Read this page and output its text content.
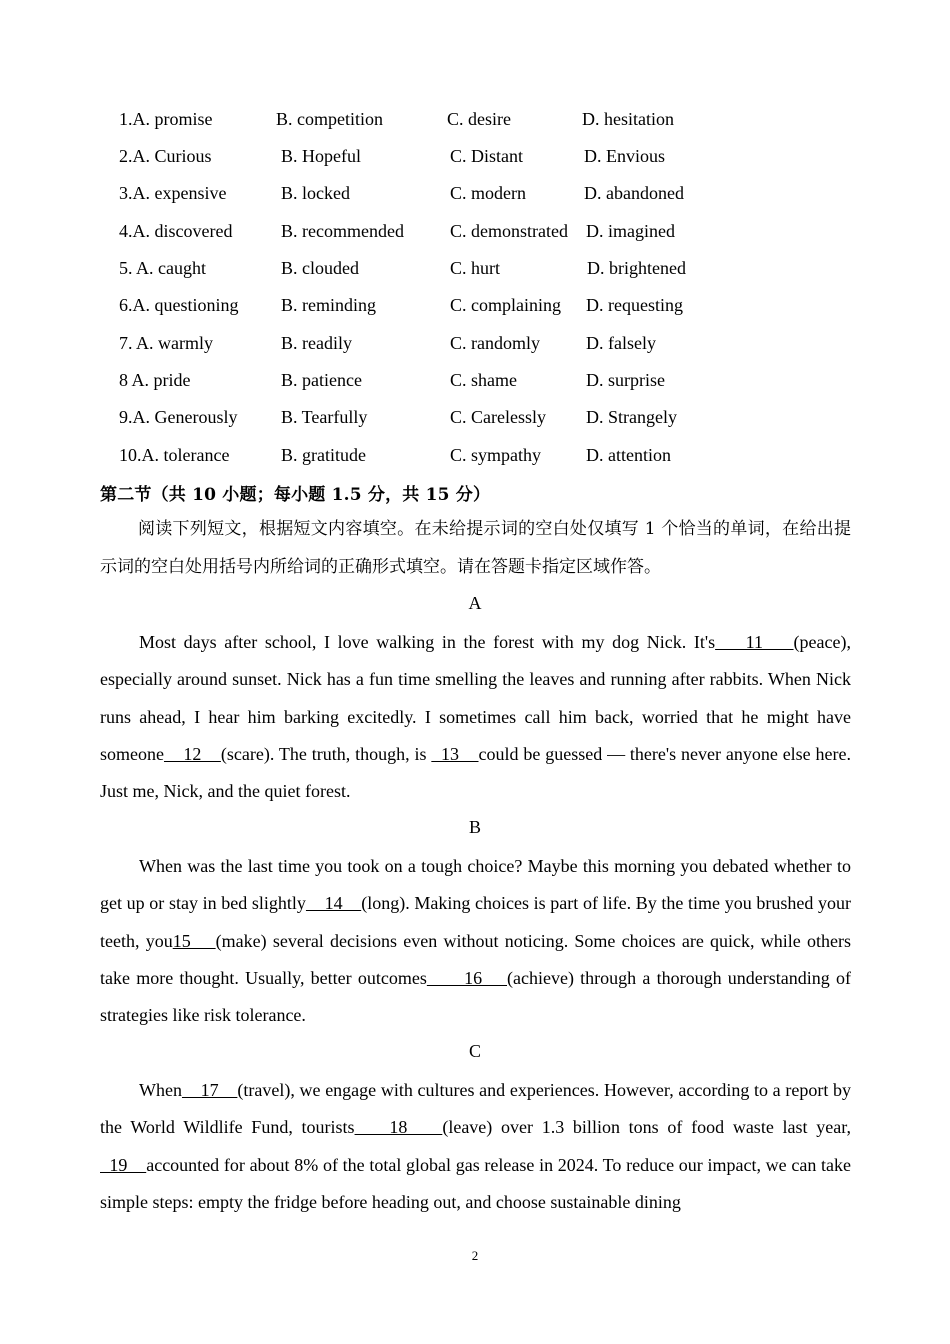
1.A. promise	B. competition	C. desire	D. hesitation
2.A. Curious	B. Hopeful	C. Distant	D. Envious
3.A. expensive	B. locked	C. modern	D. abandoned
4.A. discovered	B. recommended	C. demonstrated D. imagined
5. A. caught	B. clouded	C. hurt	D. brightened
6.A. questioning B. reminding	C. complaining D. requesting
7. A. warmly	B. readily	C. randomly	D. falsely
8 A. pride	B. patience	C. shame	D. surprise
9.A. Generously B. Tearfully	C. Carelessly D. Strangely
10.A. tolerance	B. gratitude	C. sympathy D. attention
第二节（共 10 小题；每小题 1.5 分，共 15 分）
阅读下列短文，根据短文内容填空。在未给提示词的空白处仅填写 1 个恰当的单词，在给出提示词的空白处用括号内所给词的正确形式填空。请在答题卡指定区域作答。
A
Most days after school, I love walking in the forest with my dog Nick. It's    11    (peace), especially around sunset. Nick has a fun time smelling the leaves and running after rabbits. When Nick runs ahead, I hear him barking excitedly. I sometimes call him back, worried that he might have someone    12    (scare). The truth, though, is   13    could be guessed — there's never anyone else here. Just me, Nick, and the quiet forest.
B
When was the last time you took on a tough choice? Maybe this morning you debated whether to get up or stay in bed slightly    14    (long). Making choices is part of life. By the time you brushed your teeth, you15    (make) several decisions even without noticing. Some choices are quick, while others take more thought. Usually, better outcomes      16    (achieve) through a thorough understanding of strategies like risk tolerance.
C
When    17    (travel), we engage with cultures and experiences. However, according to a report by the World Wildlife Fund, tourists    18    (leave) over 1.3 billion tons of food waste last year,   19    accounted for about 8% of the total global gas release in 2024. To reduce our impact, we can take simple steps: empty the fridge before heading out, and choose sustainable dining
2
